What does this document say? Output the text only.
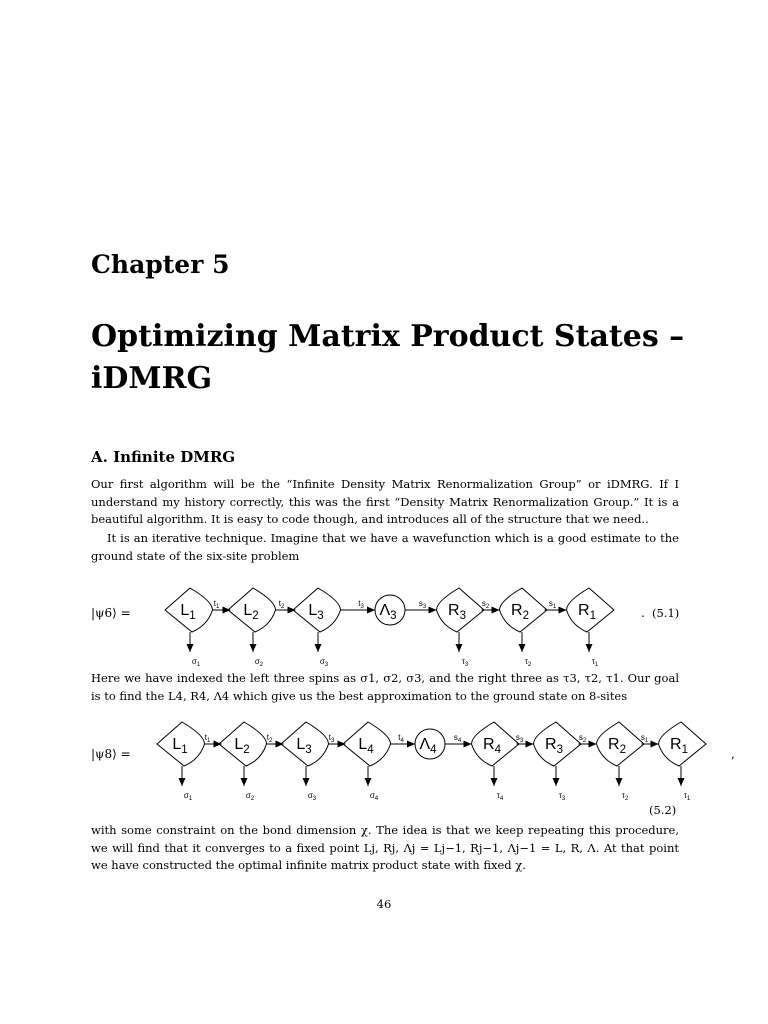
Chapter 5
Optimizing Matrix Product States – iDMRG
A. Infinite DMRG
Our first algorithm will be the “Infinite Density Matrix Renormalization Group” or iDMRG. If I understand my history correctly, this was the first “Density Matrix Renormalization Group.” It is a beautiful algorithm. It is easy to code though, and introduces all of the structure that we need..
It is an iterative technique. Imagine that we have a wavefunction which is a good estimate to the ground state of the six-site problem
|ψ6⟩ =	$L_1$	$L_2$	$L_3$	$\Lambda_3$	$R_3$	$R_2$	$R_1$
$t_1$	$t_2$	$t_3$	$s_3$	$s_2$	$s_1$
$\sigma_1$	$\sigma_2$	$\sigma_3$	$\tau_3$	$\tau_2$	$\tau_1$
. (5.1)
Here we have indexed the left three spins as σ1, σ2, σ3, and the right three as τ3, τ2, τ1. Our goal is to find the L4, R4, Λ4 which give us the best approximation to the ground state on 8-sites
|ψ8⟩ =
$L_1$	$L_2$	$L_3$	$L_4$	$\Lambda_4$	$R_4$	$R_3$	$R_2$	$R_1$
$t_1$	$t_2$	$t_3$	$t_4$	$s_4$	$s_3$	$s_2$	$s_1$
$\sigma_1$	$\sigma_2$	$\sigma_3$	$\sigma_4$	$\tau_4$	$\tau_3$	$\tau_2$	$\tau_1$
,
(5.2)
with some constraint on the bond dimension χ. The idea is that we keep repeating this procedure, we will find that it converges to a fixed point Lj, Rj, Λj = Lj−1, Rj−1, Λj−1 = L, R, Λ. At that point we have constructed the optimal infinite matrix product state with fixed χ.
46
